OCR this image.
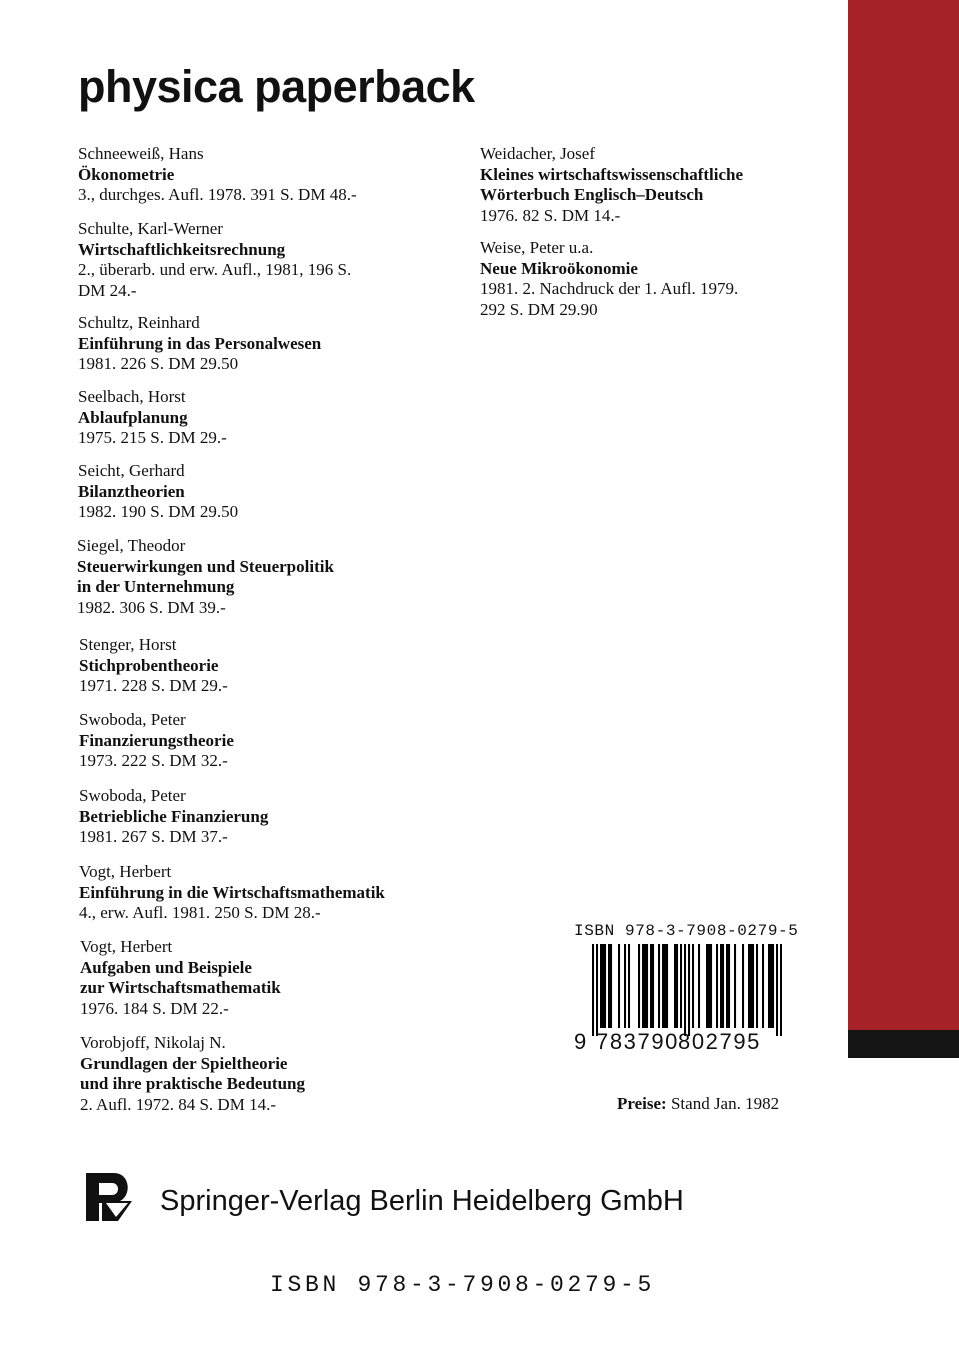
physica paperback
Schneeweiß, Hans
Ökonometrie
3., durchges. Aufl. 1978. 391 S. DM 48.-
Schulte, Karl-Werner
Wirtschaftlichkeitsrechnung
2., überarb. und erw. Aufl., 1981, 196 S.
DM 24.-
Schultz, Reinhard
Einführung in das Personalwesen
1981. 226 S. DM 29.50
Seelbach, Horst
Ablaufplanung
1975. 215 S. DM 29.-
Seicht, Gerhard
Bilanztheorien
1982. 190 S. DM 29.50
Siegel, Theodor
Steuerwirkungen und Steuerpolitik
in der Unternehmung
1982. 306 S. DM 39.-
Stenger, Horst
Stichprobentheorie
1971. 228 S. DM 29.-
Swoboda, Peter
Finanzierungstheorie
1973. 222 S. DM 32.-
Swoboda, Peter
Betriebliche Finanzierung
1981. 267 S. DM 37.-
Vogt, Herbert
Einführung in die Wirtschaftsmathematik
4., erw. Aufl. 1981. 250 S. DM 28.-
Vogt, Herbert
Aufgaben und Beispiele
zur Wirtschaftsmathematik
1976. 184 S. DM 22.-
Vorobjoff, Nikolaj N.
Grundlagen der Spieltheorie
und ihre praktische Bedeutung
2. Aufl. 1972. 84 S. DM 14.-
Weidacher, Josef
Kleines wirtschaftswissenschaftliche
Wörterbuch Englisch–Deutsch
1976. 82 S. DM 14.-
Weise, Peter u.a.
Neue Mikroökonomie
1981. 2. Nachdruck der 1. Aufl. 1979.
292 S. DM 29.90
ISBN 978-3-7908-0279-5
9 783790
802795
Preise: Stand Jan. 1982
Springer-Verlag Berlin Heidelberg GmbH
ISBN 978-3-7908-0279-5
